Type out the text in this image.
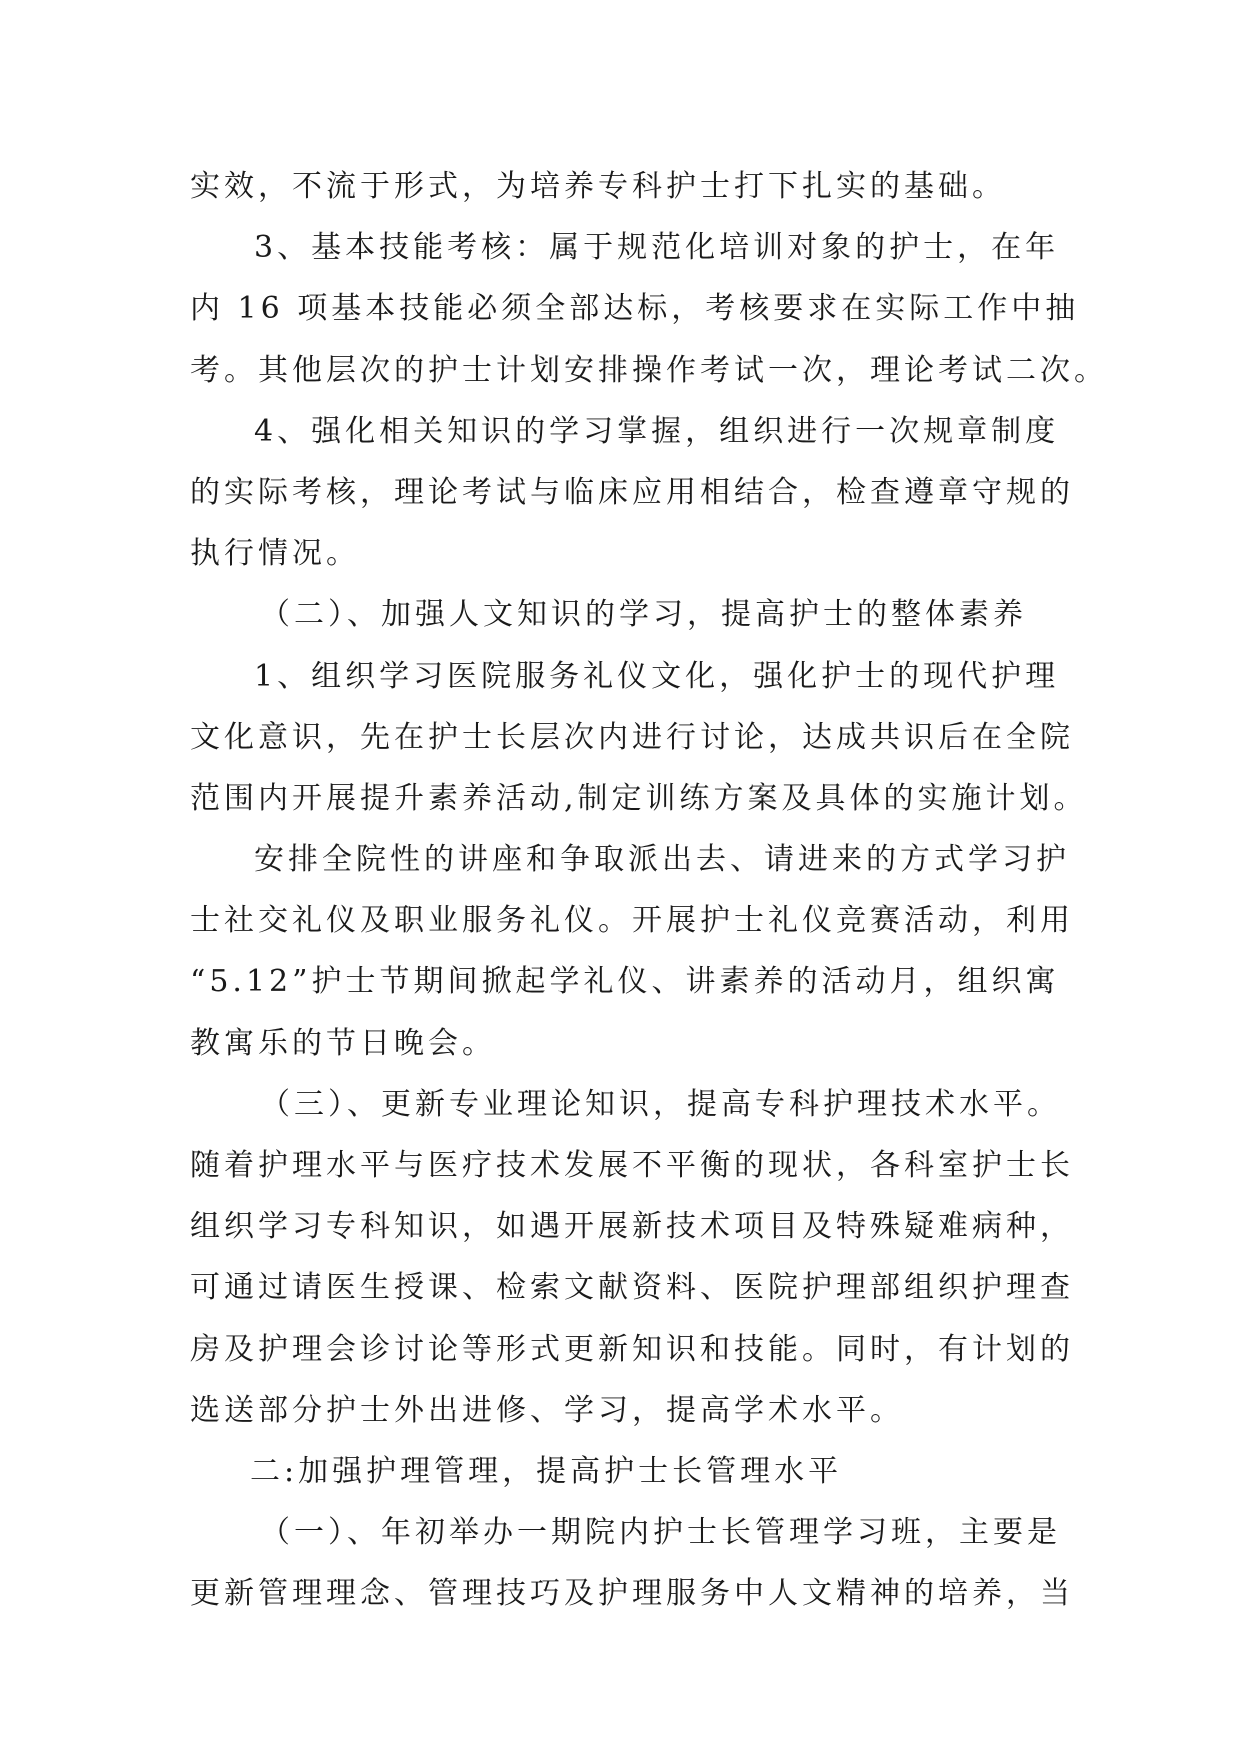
实效，不流于形式，为培养专科护士打下扎实的基础。
3、基本技能考核：属于规范化培训对象的护士，在年
内 16 项基本技能必须全部达标，考核要求在实际工作中抽
考。其他层次的护士计划安排操作考试一次，理论考试二次。
4、强化相关知识的学习掌握，组织进行一次规章制度
的实际考核，理论考试与临床应用相结合，检查遵章守规的
执行情况。
（二）、加强人文知识的学习，提高护士的整体素养
1、组织学习医院服务礼仪文化，强化护士的现代护理
文化意识，先在护士长层次内进行讨论，达成共识后在全院
范围内开展提升素养活动,制定训练方案及具体的实施计划。
安排全院性的讲座和争取派出去、请进来的方式学习护
士社交礼仪及职业服务礼仪。开展护士礼仪竞赛活动，利用
“5.12”护士节期间掀起学礼仪、讲素养的活动月，组织寓
教寓乐的节日晚会。
（三）、更新专业理论知识，提高专科护理技术水平。
随着护理水平与医疗技术发展不平衡的现状，各科室护士长
组织学习专科知识，如遇开展新技术项目及特殊疑难病种，
可通过请医生授课、检索文献资料、医院护理部组织护理查
房及护理会诊讨论等形式更新知识和技能。同时，有计划的
选送部分护士外出进修、学习，提高学术水平。
二:加强护理管理，提高护士长管理水平
（一）、年初举办一期院内护士长管理学习班，主要是
更新管理理念、管理技巧及护理服务中人文精神的培养，当
